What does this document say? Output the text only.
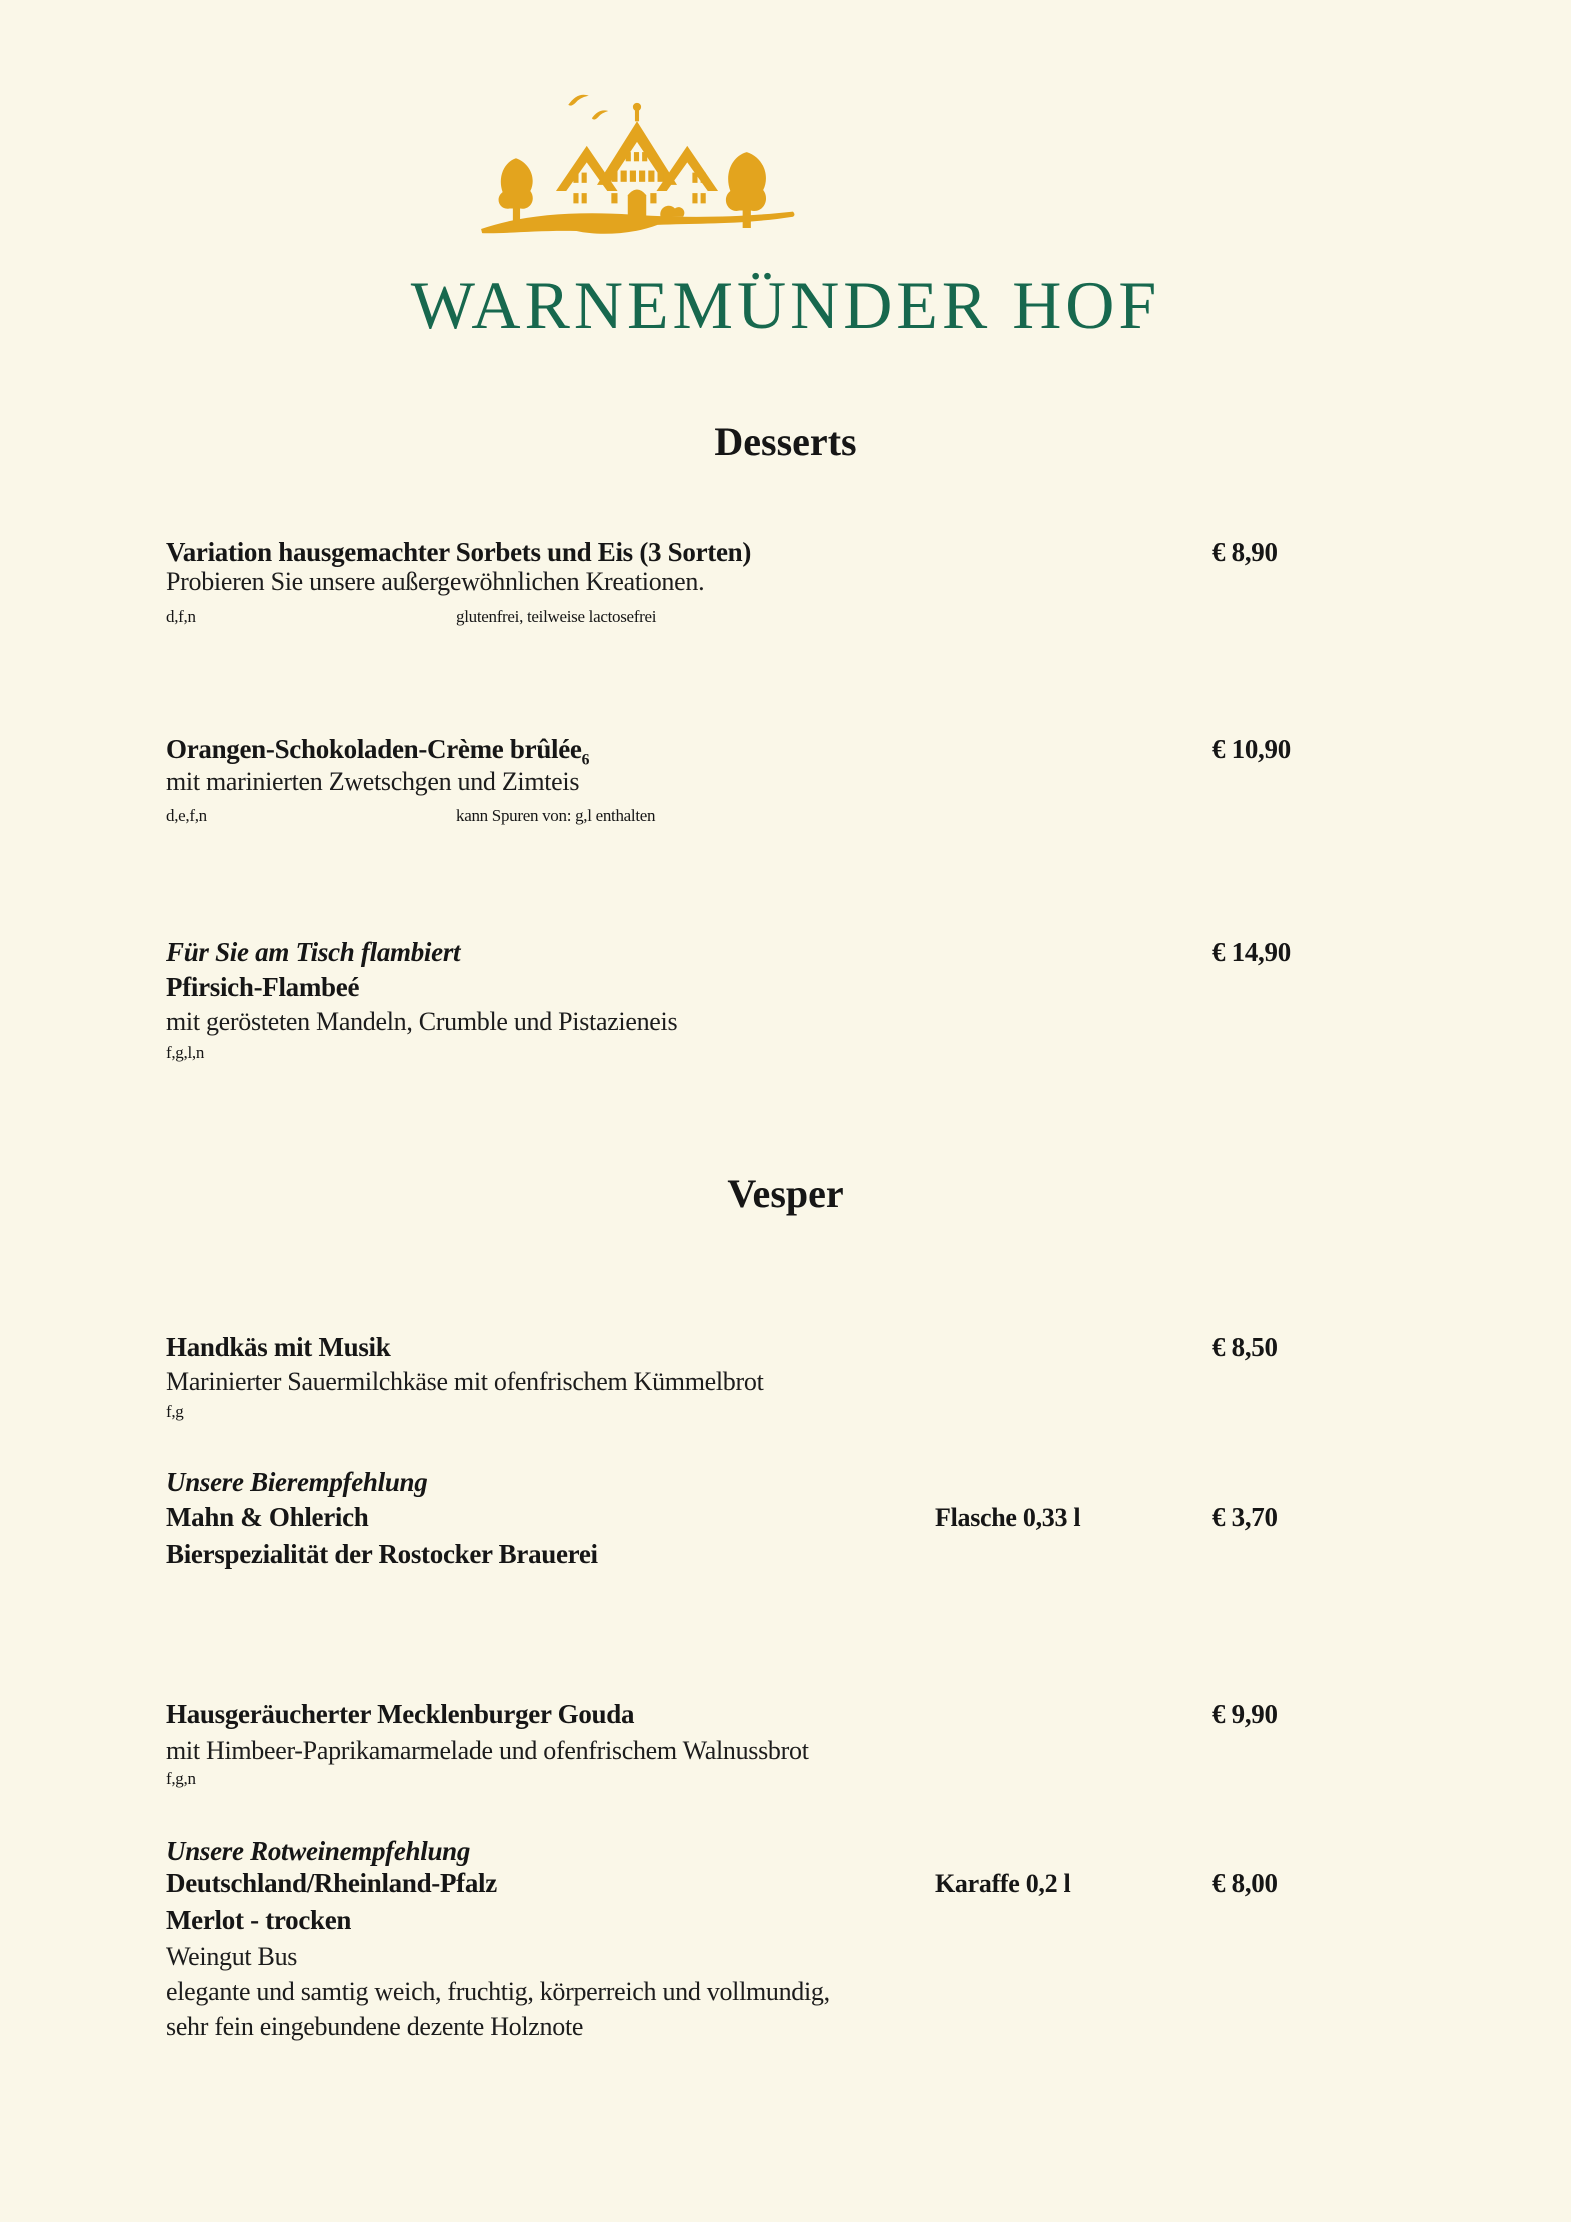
WARNEMÜNDER HOF
Desserts
Variation hausgemachter Sorbets und Eis (3 Sorten)	€ 8,90
Probieren Sie unsere außergewöhnlichen Kreationen.
d,f,n	glutenfrei, teilweise lactosefrei
Orangen-Schokoladen-Crème brûlée$_6$	€ 10,90
mit marinierten Zwetschgen und Zimteis
d,e,f,n	kann Spuren von: g,l enthalten
Für Sie am Tisch flambiert	€ 14,90
Pfirsich-Flambeé
mit gerösteten Mandeln, Crumble und Pistazieneis
f,g,l,n
Vesper
Handkäs mit Musik	€ 8,50
Marinierter Sauermilchkäse mit ofenfrischem Kümmelbrot
f,g
Unsere Bierempfehlung
Mahn & Ohlerich	Flasche 0,33 l	€ 3,70
Bierspezialität der Rostocker Brauerei
Hausgeräucherter Mecklenburger Gouda	€ 9,90
mit Himbeer-Paprikamarmelade und ofenfrischem Walnussbrot
f,g,n
Unsere Rotweinempfehlung
Deutschland/Rheinland-Pfalz	Karaffe 0,2 l	€ 8,00
Merlot - trocken
Weingut Bus
elegante und samtig weich, fruchtig, körperreich und vollmundig,
sehr fein eingebundene dezente Holznote
